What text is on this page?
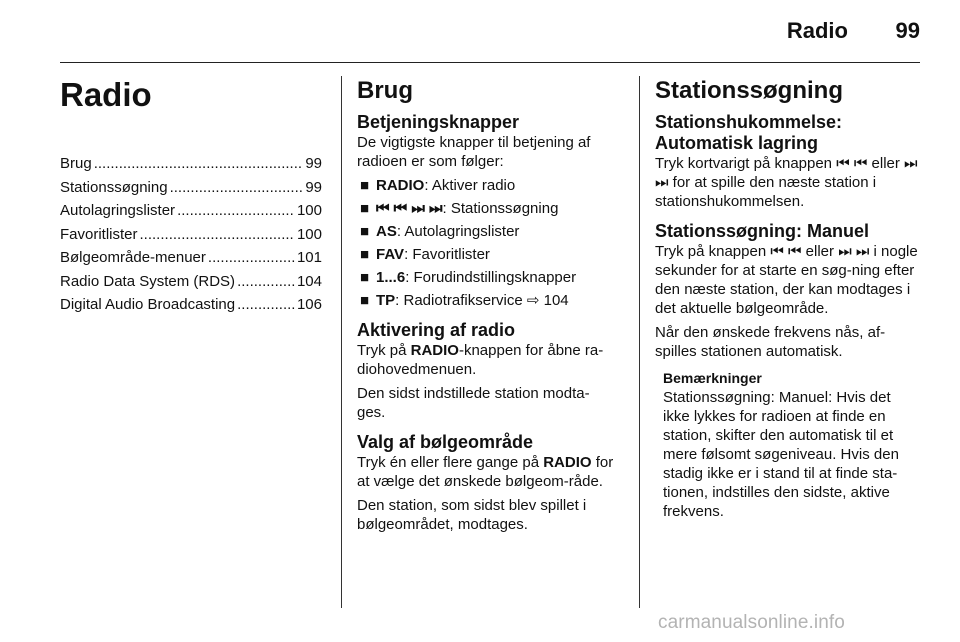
Radio 99
Radio
Brug .....	99
Stationssøgning .....	99
Autolagringslister .....	100
Favoritlister .....	100
Bølgeområde-menuer .....	101
Radio Data System (RDS) .....	104
Digital Audio Broadcasting .....	106
Brug
Betjeningsknapper

De vigtigste knapper til betjening af radioen er som følger:

■ RADIO: Aktiver radio
■ ⏮ ⏮ ⏭ ⏭: Stationssøgning
■ AS: Autolagringslister
■ FAV: Favoritlister
■ 1...6: Forudindstillingsknapper
■ TP: Radiotrafikservice ⇨ 104
Aktivering af radio

Tryk på RADIO-knappen for åbne ra-diohovedmenuen.

Den sidst indstillede station modta-ges.

Valg af bølgeområde

Tryk én eller flere gange på RADIO for at vælge det ønskede bølgeom-råde.

Den station, som sidst blev spillet i bølgeområdet, modtages.

Stationssøgning
Stationshukommelse: Automatisk lagring

Tryk kortvarigt på knappen ⏮ ⏮ eller ⏭ ⏭ for at spille den næste station i stationshukommelsen.

Stationssøgning: Manuel

Tryk på knappen ⏮ ⏮ eller ⏭ ⏭ i nogle sekunder for at starte en søg-ning efter den næste station, der kan modtages i det aktuelle bølgeområde.

Når den ønskede frekvens nås, af-spilles stationen automatisk.

Bemærkninger

Stationssøgning: Manuel: Hvis det ikke lykkes for radioen at finde en station, skifter den automatisk til et mere følsomt søgeniveau. Hvis den stadig ikke er i stand til at finde sta-tionen, indstilles den sidste, aktive frekvens.

carmanualsonline.info
